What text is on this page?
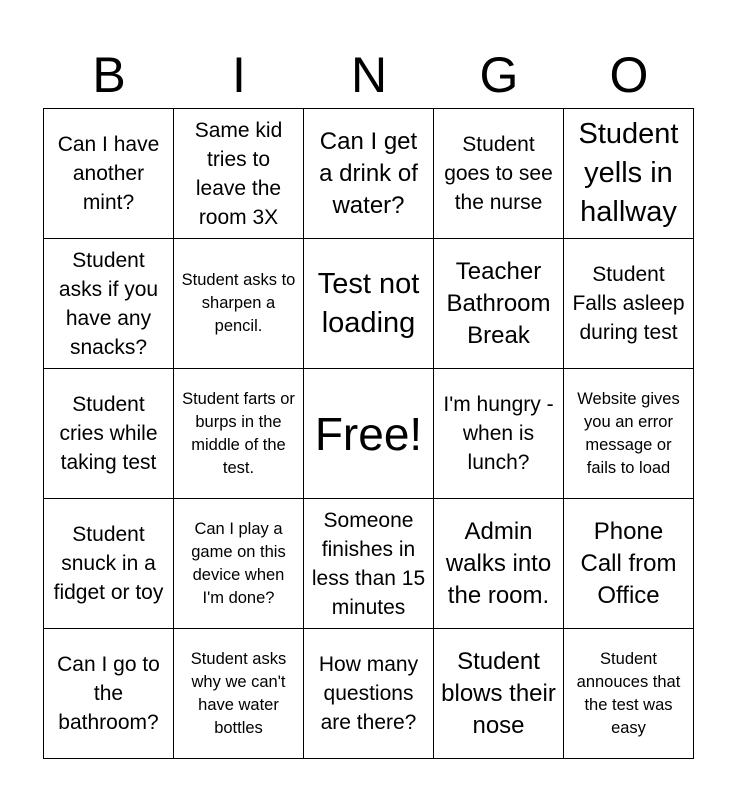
B	I	N	G	O
Can I have another mint?
Same kid tries to leave the room 3X
Can I get a drink of water?
Student goes to see the nurse
Student yells in hallway
Student asks if you have any snacks?
Student asks to sharpen a pencil.
Test not loading
Teacher Bathroom Break
Student Falls asleep during test
Student cries while taking test
Student farts or burps in the middle of the test.
Free!
I'm hungry -when is lunch?
Website gives you an error message or fails to load
Student snuck in a fidget or toy
Can I play a game on this device when I'm done?
Someone finishes in less than 15 minutes
Admin walks into the room.
Phone Call from Office
Can I go to the bathroom?
Student asks why we can't have water bottles
How many questions are there?
Student blows their nose
Student annouces that the test was easy
